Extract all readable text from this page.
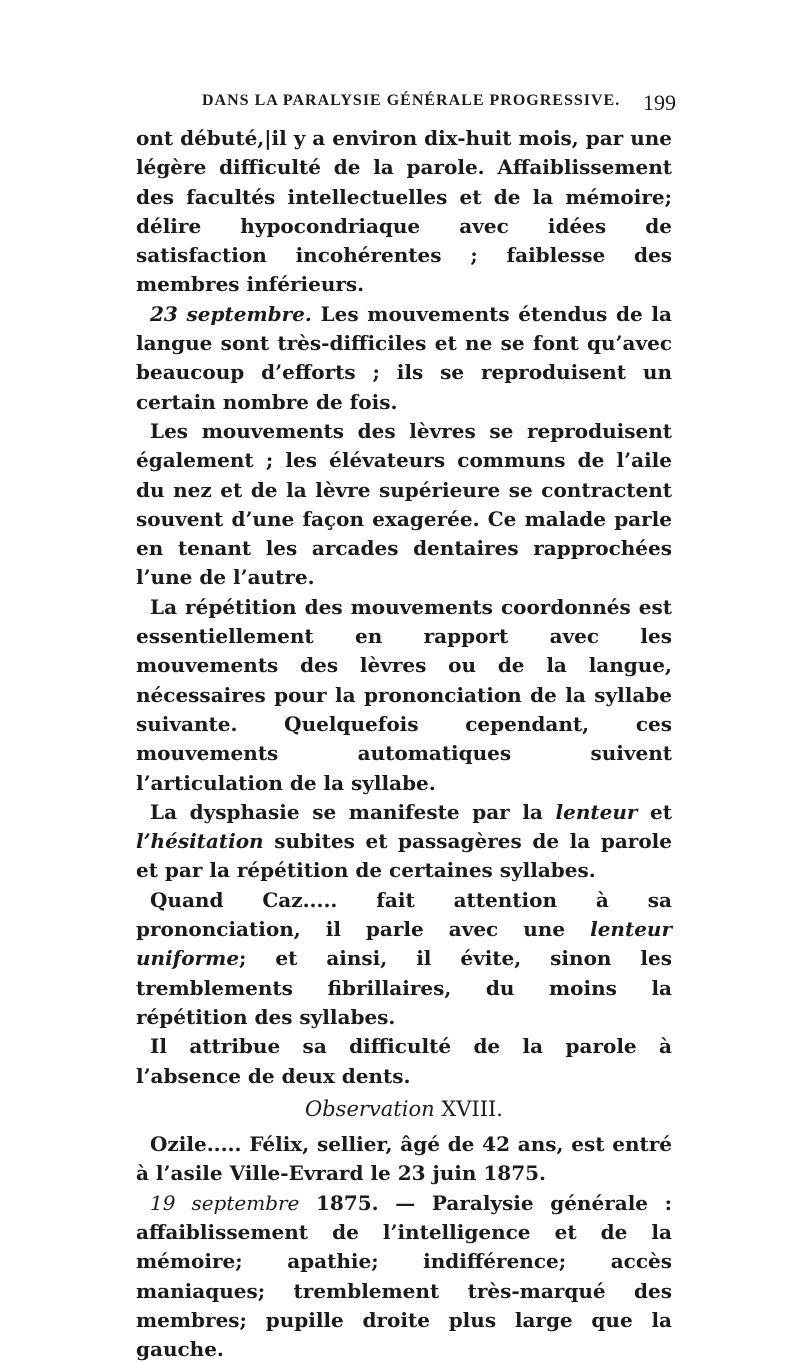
DANS LA PARALYSIE GÉNÉRALE PROGRESSIVE. 199

ont débuté,|il y a environ dix-huit mois, par une légère difficulté de la parole. Affaiblissement des facultés intellectuelles et de la mémoire; délire hypocondriaque avec idées de satisfaction incohérentes ; faiblesse des membres inférieurs.

23 septembre. Les mouvements étendus de la langue sont très-difficiles et ne se font qu’avec beaucoup d’efforts ; ils se reproduisent un certain nombre de fois.

Les mouvements des lèvres se reproduisent également ; les élévateurs communs de l’aile du nez et de la lèvre supérieure se contractent souvent d’une façon exagerée. Ce malade parle en tenant les arcades dentaires rapprochées l’une de l’autre.

La répétition des mouvements coordonnés est essentiellement en rapport avec les mouvements des lèvres ou de la langue, nécessaires pour la prononciation de la syllabe suivante. Quelquefois cependant, ces mouvements automatiques suivent l’articulation de la syllabe.

La dysphasie se manifeste par la lenteur et l’hésitation subites et passagères de la parole et par la répétition de certaines syllabes.

Quand Caz..... fait attention à sa prononciation, il parle avec une lenteur uniforme; et ainsi, il évite, sinon les tremblements fibrillaires, du moins la répétition des syllabes.

Il attribue sa difficulté de la parole à l’absence de deux dents.

Observation XVIII.

Ozile..... Félix, sellier, âgé de 42 ans, est entré à l’asile Ville-Evrard le 23 juin 1875.

19 septembre 1875. — Paralysie générale : affaiblissement de l’intelligence et de la mémoire; apathie; indifférence; accès maniaques; tremblement très-marqué des membres; pupille droite plus large que la gauche.
